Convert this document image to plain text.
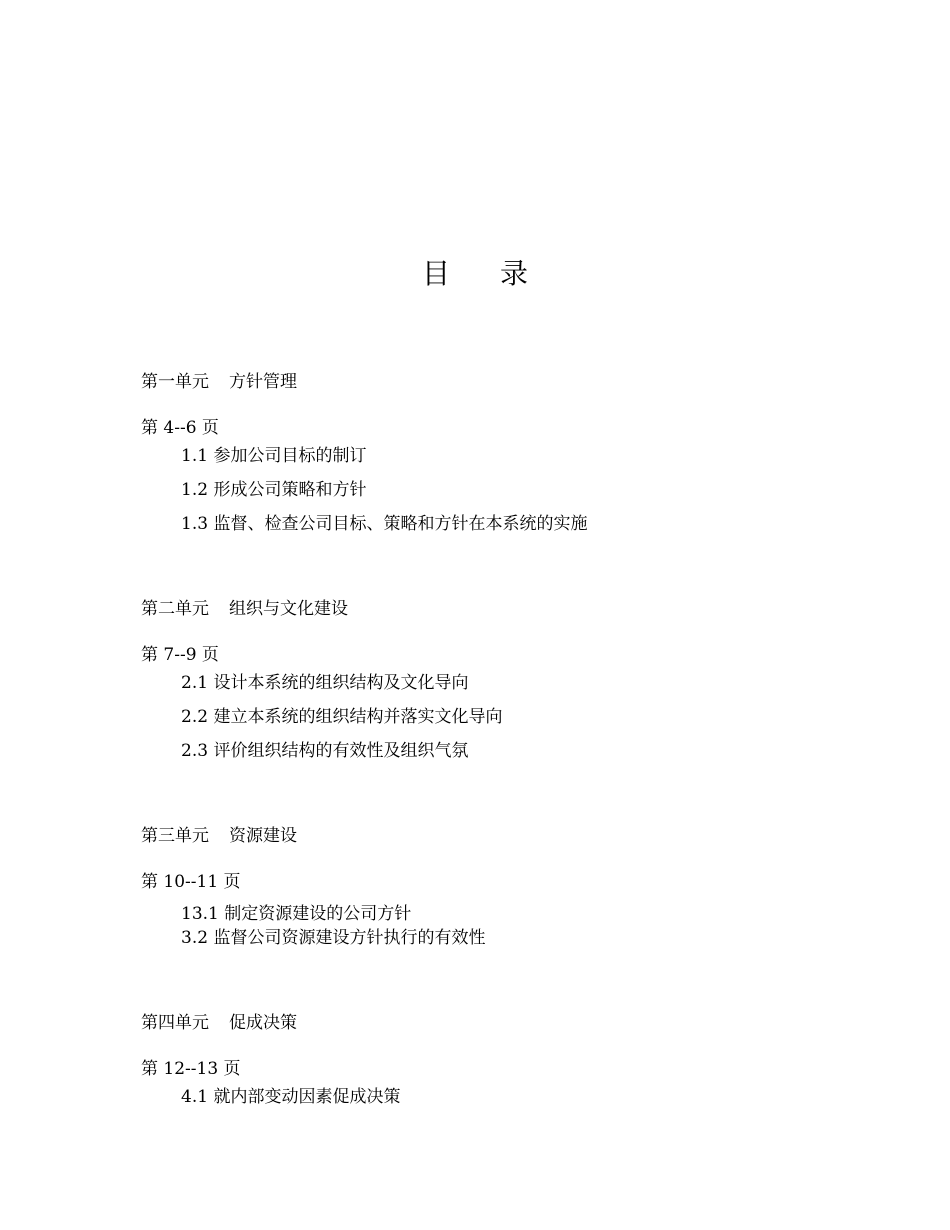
目 录
第一单元 方针管理
第 4--6 页
1.1 参加公司目标的制订
1.2 形成公司策略和方针
1.3 监督、检查公司目标、策略和方针在本系统的实施
第二单元 组织与文化建设
第 7--9 页
2.1 设计本系统的组织结构及文化导向
2.2 建立本系统的组织结构并落实文化导向
2.3 评价组织结构的有效性及组织气氛
第三单元 资源建设
第 10--11 页
13.1 制定资源建设的公司方针
3.2 监督公司资源建设方针执行的有效性
第四单元 促成决策
第 12--13 页
4.1 就内部变动因素促成决策
